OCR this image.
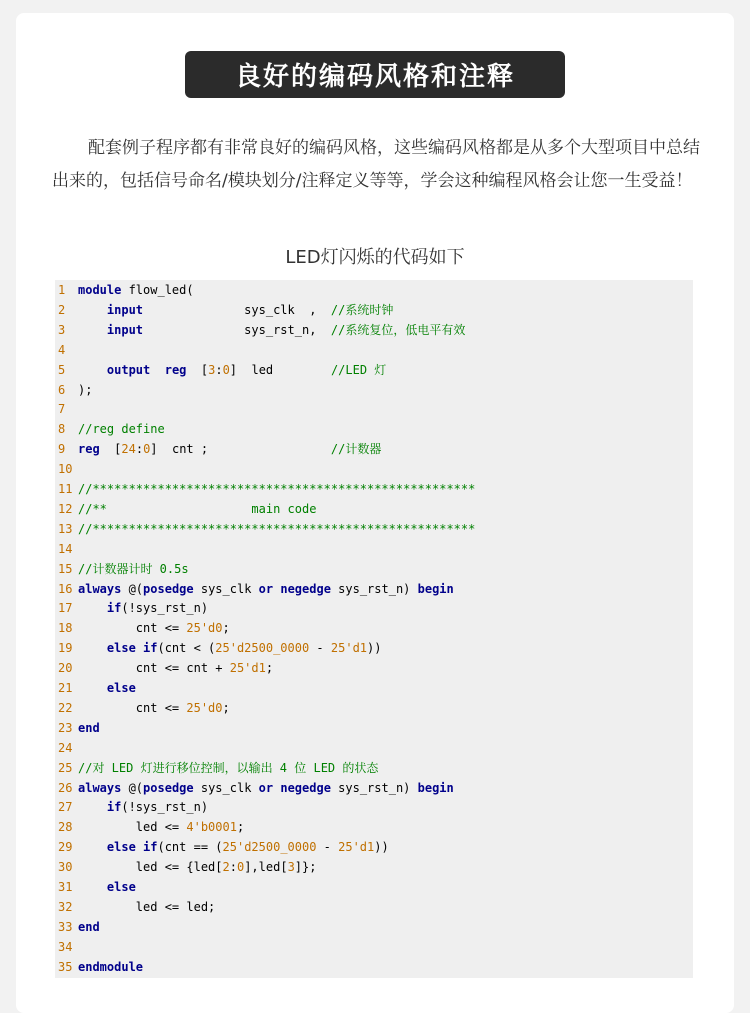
良好的编码风格和注释

配套例子程序都有非常良好的编码风格，这些编码风格都是从多个大型项目中总结出来的，包括信号命名/模块划分/注释定义等等，学会这种编程风格会让您一生受益！

LED灯闪烁的代码如下
1	module flow_led(
2	input              sys_clk  ,  //系统时钟
3	input              sys_rst_n,  //系统复位，低电平有效
4
5	output reg  [3:0]  led        //LED 灯
6	);
7
8	//reg define
9	reg  [24:0]  cnt ;                 //计数器
10
11 //*****************************************************
12 //**                    main code
13 //*****************************************************
14
15 //计数器计时 0.5s
16 always @(posedge sys_clk or negedge sys_rst_n) begin
17	if(!sys_rst_n)
18 cnt <= 25'd0;
19	else if(cnt < (25'd2500_0000 - 25'd1))
20 cnt <= cnt + 25'd1;
21	else
22 cnt <= 25'd0;
23 end
24
25 //对 LED 灯进行移位控制，以输出 4 位 LED 的状态
26 always @(posedge sys_clk or negedge sys_rst_n) begin
27	if(!sys_rst_n)
28 led <= 4'b0001;
29	else if(cnt == (25'd2500_0000 - 25'd1))
30 led <= {led[2:0],led[3]};
31	else
32 led <= led;
33 end
34
35 endmodule
